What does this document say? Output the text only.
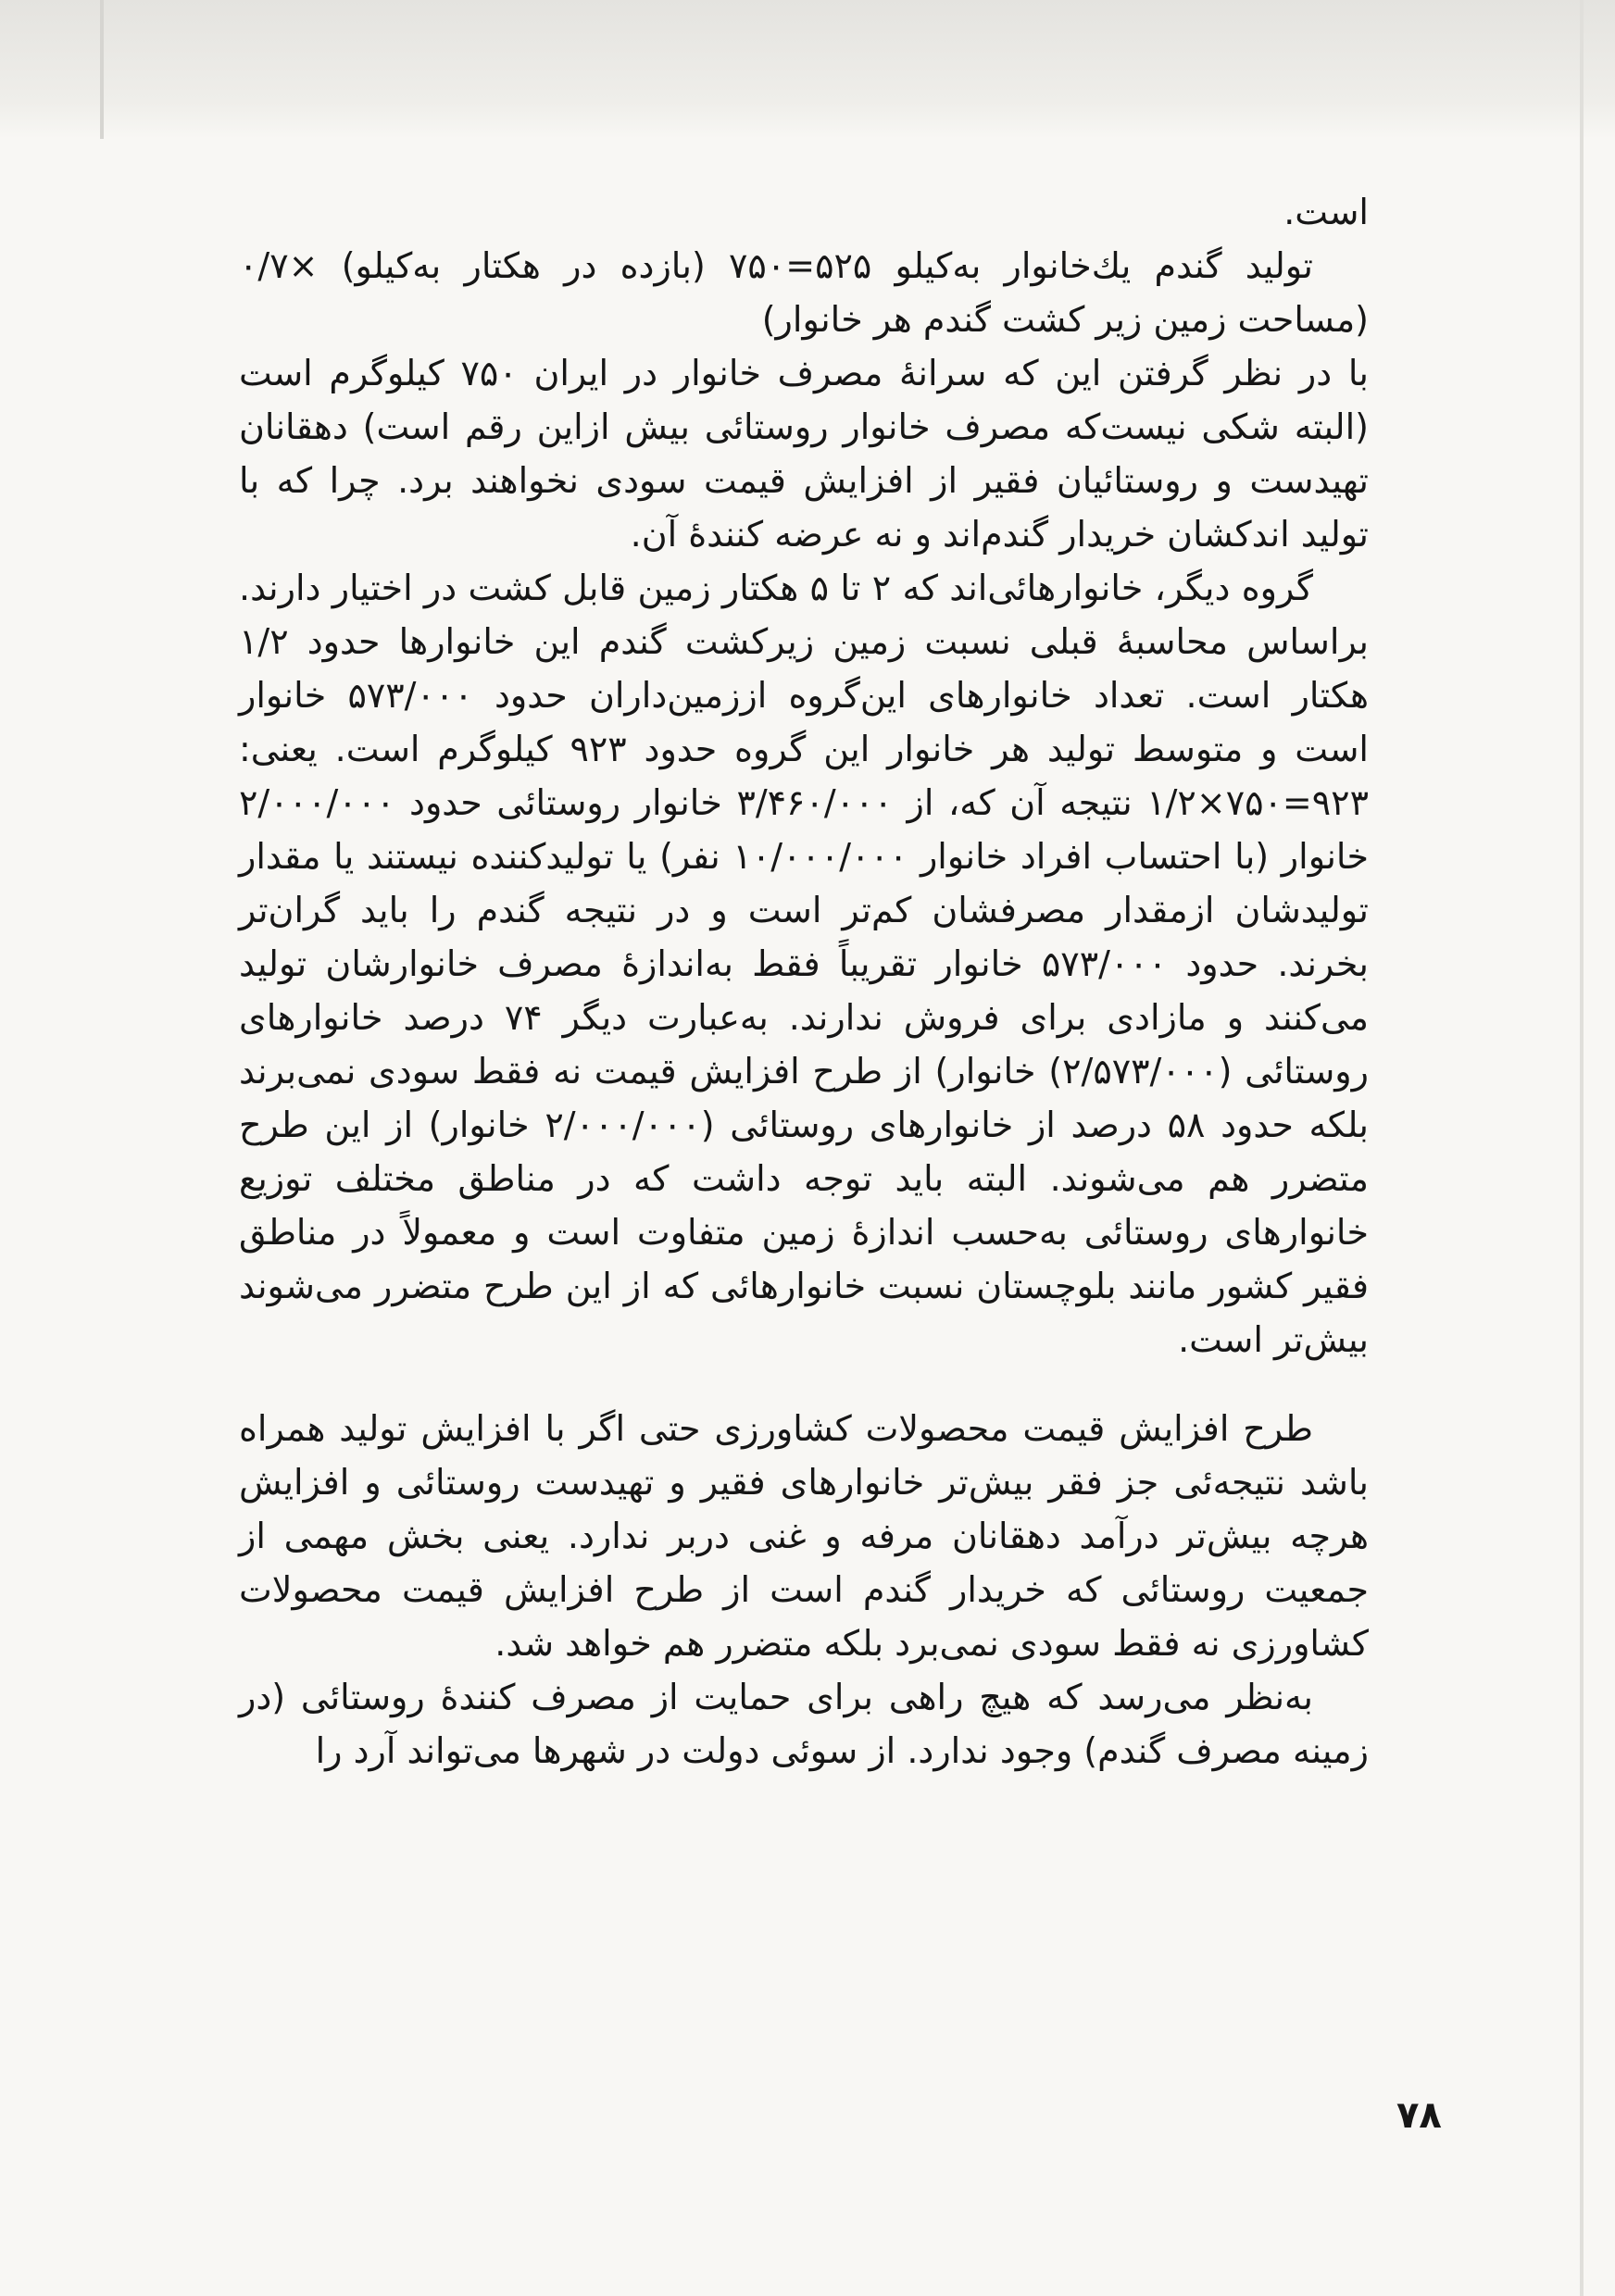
است.

تولید گندم یك‌خانوار به‌كیلو ۵۲۵=۷۵۰ (بازده در هكتار به‌كیلو) ×۰/۷ (مساحت زمین زیر كشت گندم هر خانوار)

با در نظر گرفتن این كه سرانهٔ مصرف خانوار در ایران ۷۵۰ كیلوگرم است (البته شكی نیست‌كه مصرف خانوار روستائی بیش ازاین رقم است) دهقانان تهیدست و روستائیان فقیر از افزایش قیمت سودی نخواهند برد. چرا كه با تولید اندكشان خریدار گندم‌اند و نه عرضه كنندهٔ آن.

گروه دیگر، خانوارهائی‌اند كه ۲ تا ۵ هكتار زمین قابل كشت در اختیار دارند. براساس محاسبهٔ قبلی نسبت زمین زیركشت گندم این خانوارها حدود ۱/۲ هكتار است. تعداد خانوارهای این‌گروه اززمین‌داران حدود ۵۷۳/۰۰۰ خانوار است و متوسط تولید هر خانوار این گروه حدود ۹۲۳ كیلوگرم است. یعنی: ۹۲۳=۷۵۰×۱/۲ نتیجه آن كه، از ۳/۴۶۰/۰۰۰ خانوار روستائی حدود ۲/۰۰۰/۰۰۰ خانوار (با احتساب افراد خانوار ۱۰/۰۰۰/۰۰۰ نفر) یا تولیدكننده نیستند یا مقدار تولیدشان ازمقدار مصرفشان كم‌تر است و در نتیجه گندم را باید گران‌تر بخرند. حدود ۵۷۳/۰۰۰ خانوار تقریباً فقط به‌اندازهٔ مصرف خانوارشان تولید می‌كنند و مازادی برای فروش ندارند. به‌عبارت دیگر ۷۴ درصد خانوارهای روستائی (۲/۵۷۳/۰۰۰) خانوار) از طرح افزایش قیمت نه فقط سودی نمی‌برند بلكه حدود ۵۸ درصد از خانوارهای روستائی (۲/۰۰۰/۰۰۰ خانوار) از این طرح متضرر هم می‌شوند. البته باید توجه داشت كه در مناطق مختلف توزیع خانوارهای روستائی به‌حسب اندازهٔ زمین متفاوت است و معمولاً در مناطق فقیر كشور مانند بلوچستان نسبت خانوارهائی كه از این طرح متضرر می‌شوند بیش‌تر است.

طرح افزایش قیمت محصولات كشاورزی حتی اگر با افزایش تولید همراه باشد نتیجه‌ئی جز فقر بیش‌تر خانوارهای فقیر و تهیدست روستائی و افزایش هرچه بیش‌تر درآمد دهقانان مرفه و غنی دربر ندارد. یعنی بخش مهمی از جمعیت روستائی كه خریدار گندم است از طرح افزایش قیمت محصولات كشاورزی نه فقط سودی نمی‌برد بلكه متضرر هم خواهد شد.

به‌نظر می‌رسد كه هیچ راهی برای حمایت از مصرف كنندهٔ روستائی (در زمینه مصرف گندم) وجود ندارد. از سوئی دولت در شهرها می‌تواند آرد را

۷۸
